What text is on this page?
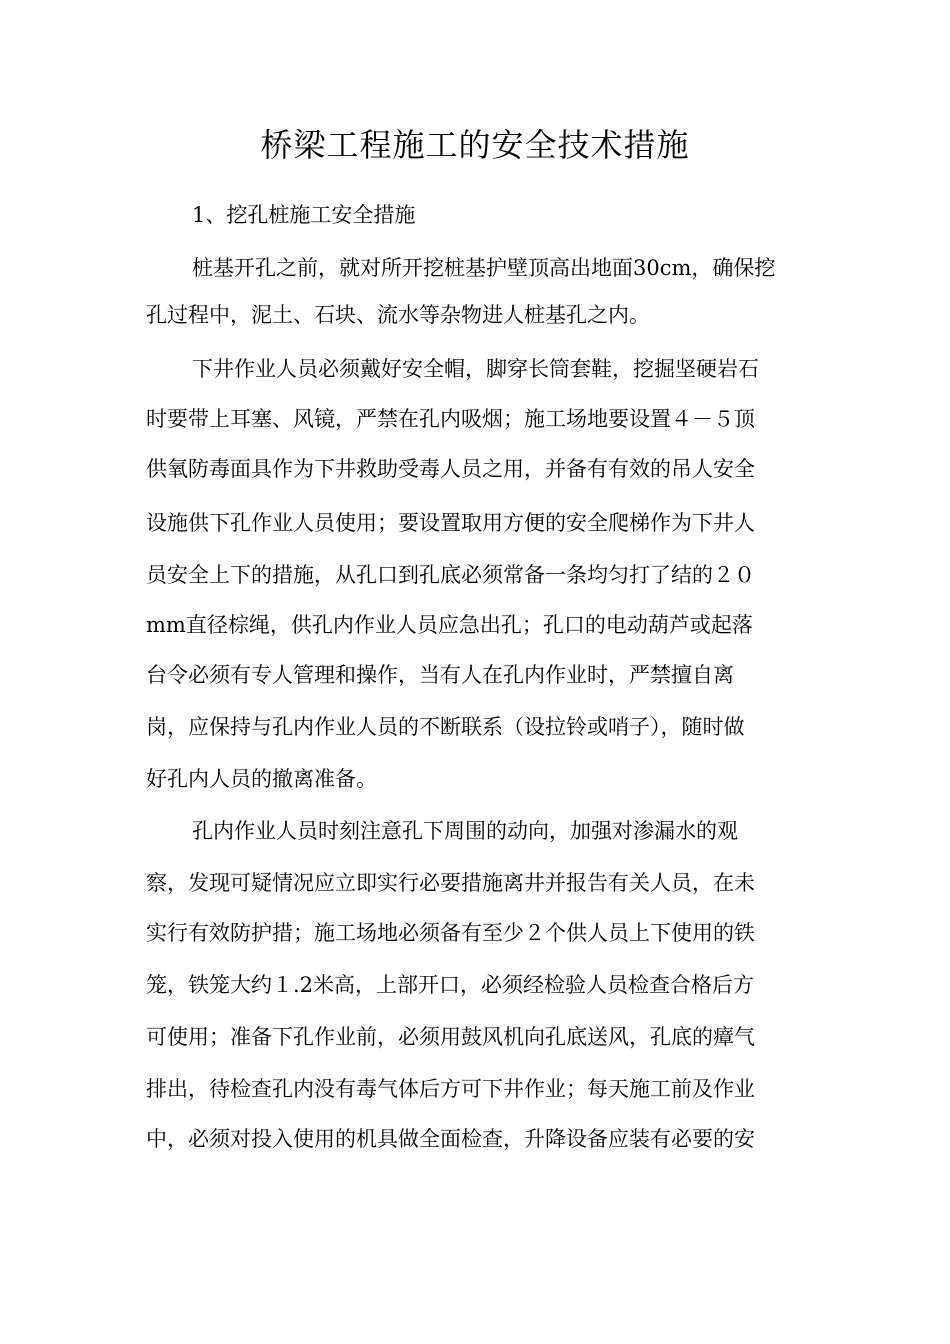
桥梁工程施工的安全技术措施
1、挖孔桩施工安全措施
桩基开孔之前，就对所开挖桩基护壁顶高出地面30cm，确保挖
孔过程中，泥土、石块、流水等杂物进人桩基孔之内。
下井作业人员必须戴好安全帽，脚穿长筒套鞋，挖掘坚硬岩石
时要带上耳塞、风镜，严禁在孔内吸烟；施工场地要设置４－５顶
供氧防毒面具作为下井救助受毒人员之用，并备有有效的吊人安全
设施供下孔作业人员使用；要设置取用方便的安全爬梯作为下井人
员安全上下的措施，从孔口到孔底必须常备一条均匀打了结的２０
mm直径棕绳，供孔内作业人员应急出孔；孔口的电动葫芦或起落
台令必须有专人管理和操作，当有人在孔内作业时，严禁擅自离
岗，应保持与孔内作业人员的不断联系（设拉铃或哨子），随时做
好孔内人员的撤离准备。
孔内作业人员时刻注意孔下周围的动向，加强对渗漏水的观
察，发现可疑情况应立即实行必要措施离井并报告有关人员，在未
实行有效防护措；施工场地必须备有至少２个供人员上下使用的铁
笼，铁笼大约１.2米高，上部开口，必须经检验人员检查合格后方
可使用；准备下孔作业前，必须用鼓风机向孔底送风，孔底的瘴气
排出，待检查孔内没有毒气体后方可下井作业；每天施工前及作业
中，必须对投入使用的机具做全面检查，升降设备应装有必要的安
